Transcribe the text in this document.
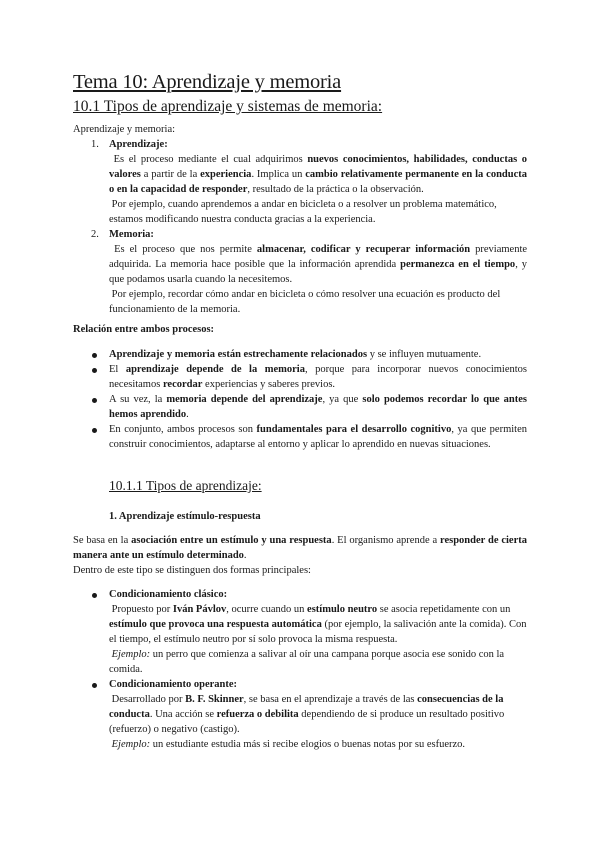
Tema 10: Aprendizaje y memoria
10.1 Tipos de aprendizaje y sistemas de memoria:
Aprendizaje y memoria:
1. Aprendizaje:
Es el proceso mediante el cual adquirimos nuevos conocimientos, habilidades, conductas o valores a partir de la experiencia. Implica un cambio relativamente permanente en la conducta o en la capacidad de responder, resultado de la práctica o la observación.
Por ejemplo, cuando aprendemos a andar en bicicleta o a resolver un problema matemático, estamos modificando nuestra conducta gracias a la experiencia.
2. Memoria:
Es el proceso que nos permite almacenar, codificar y recuperar información previamente adquirida. La memoria hace posible que la información aprendida permanezca en el tiempo, y que podamos usarla cuando la necesitemos.
Por ejemplo, recordar cómo andar en bicicleta o cómo resolver una ecuación es producto del funcionamiento de la memoria.
Relación entre ambos procesos:
Aprendizaje y memoria están estrechamente relacionados y se influyen mutuamente.
El aprendizaje depende de la memoria, porque para incorporar nuevos conocimientos necesitamos recordar experiencias y saberes previos.
A su vez, la memoria depende del aprendizaje, ya que solo podemos recordar lo que antes hemos aprendido.
En conjunto, ambos procesos son fundamentales para el desarrollo cognitivo, ya que permiten construir conocimientos, adaptarse al entorno y aplicar lo aprendido en nuevas situaciones.
10.1.1 Tipos de aprendizaje:
1. Aprendizaje estímulo-respuesta
Se basa en la asociación entre un estímulo y una respuesta. El organismo aprende a responder de cierta manera ante un estímulo determinado.
Dentro de este tipo se distinguen dos formas principales:
Condicionamiento clásico:
Propuesto por Iván Pávlov, ocurre cuando un estímulo neutro se asocia repetidamente con un estímulo que provoca una respuesta automática (por ejemplo, la salivación ante la comida). Con el tiempo, el estímulo neutro por sí solo provoca la misma respuesta.
Ejemplo: un perro que comienza a salivar al oír una campana porque asocia ese sonido con la comida.
Condicionamiento operante:
Desarrollado por B. F. Skinner, se basa en el aprendizaje a través de las consecuencias de la conducta. Una acción se refuerza o debilita dependiendo de si produce un resultado positivo (refuerzo) o negativo (castigo).
Ejemplo: un estudiante estudia más si recibe elogios o buenas notas por su esfuerzo.
